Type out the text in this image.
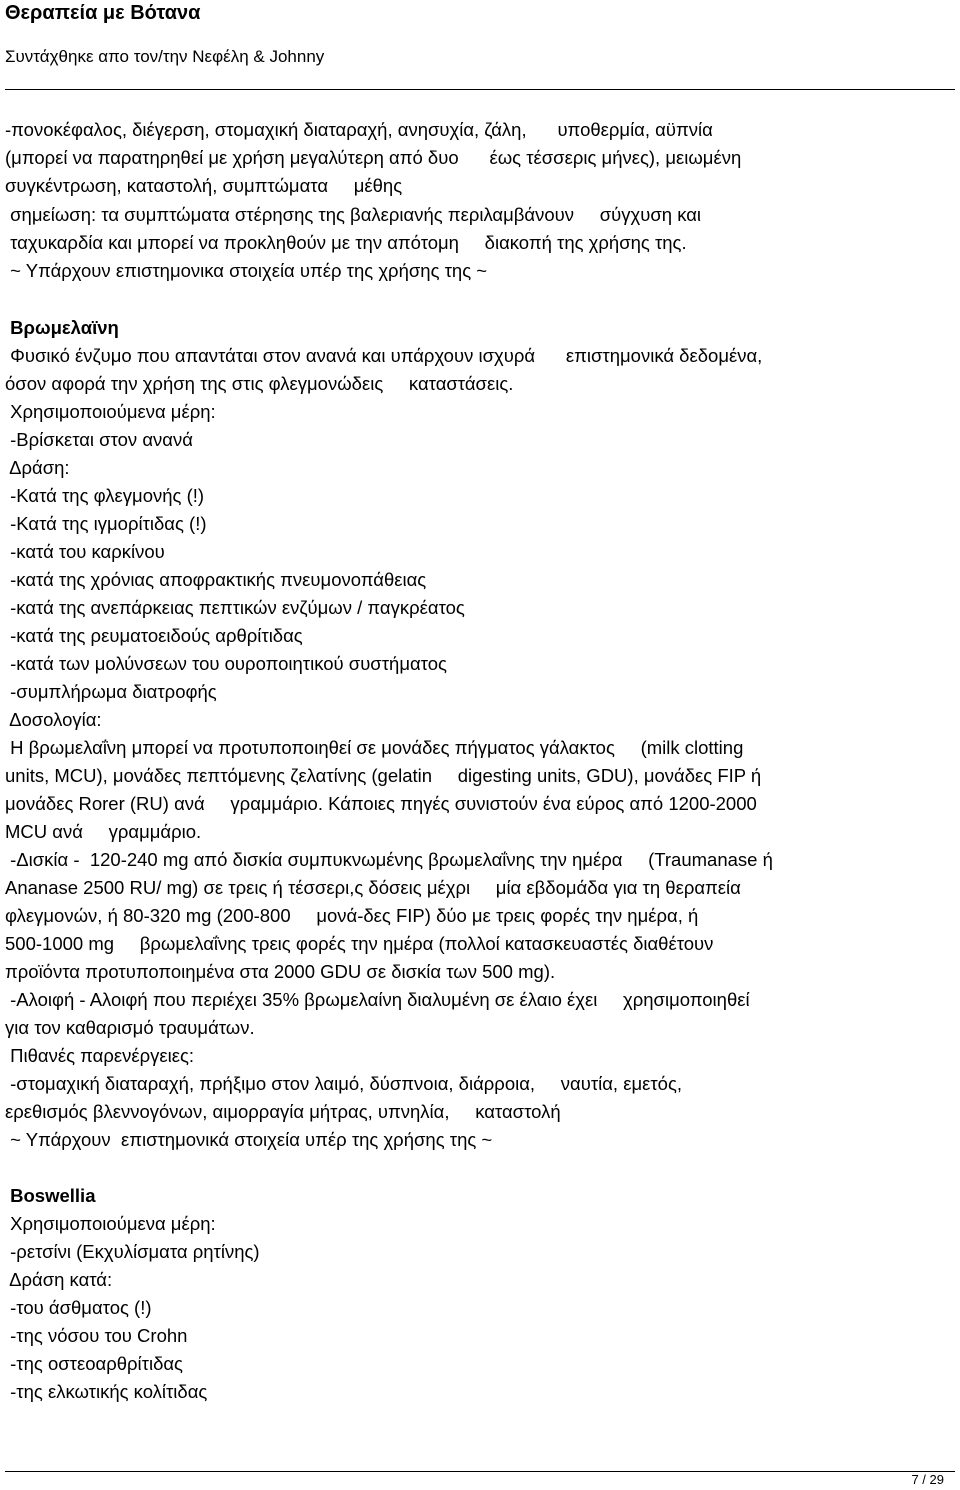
Θεραπεία με Βότανα
Συντάχθηκε απο τον/την Νεφέλη & Johnny
-πονοκέφαλος, διέγερση, στομαχική διαταραχή, ανησυχία, ζάλη,      υποθερμία, αϋπνία
(μπορεί να παρατηρηθεί με χρήση μεγαλύτερη από δυο      έως τέσσερις μήνες), μειωμένη
συγκέντρωση, καταστολή, συμπτώματα     μέθης
σημείωση: τα συμπτώματα στέρησης της βαλεριανής περιλαμβάνουν     σύγχυση και
ταχυκαρδία και μπορεί να προκληθούν με την απότομη     διακοπή της χρήσης της.
~ Υπάρχουν επιστημονικα στοιχεία υπέρ της χρήσης της ~
Βρωμελαϊνη
Φυσικό ένζυμο που απαντάται στον ανανά και υπάρχουν ισχυρά      επιστημονικά δεδομένα,
όσον αφορά την χρήση της στις φλεγμονώδεις     καταστάσεις.
Χρησιμοποιούμενα μέρη:
-Βρίσκεται στον ανανά
Δράση:
-Κατά της φλεγμονής (!)
-Κατά της ιγμορίτιδας (!)
-κατά του καρκίνου
-κατά της χρόνιας αποφρακτικής πνευμονοπάθειας
-κατά της ανεπάρκειας πεπτικών ενζύμων / παγκρέατος
-κατά της ρευματοειδούς αρθρίτιδας
-κατά των μολύνσεων του ουροποιητικού συστήματος
-συμπλήρωμα διατροφής
Δοσολογία:
Η βρωμελαΐνη μπορεί να προτυποποιηθεί σε μονάδες πήγματος γάλακτος     (milk clotting
units, MCU), μονάδες πεπτόμενης ζελατίνης (gelatin     digesting units, GDU), μονάδες FIP ή
μονάδες Rorer (RU) ανά     γραμμάριο. Κάποιες πηγές συνιστούν ένα εύρος από 1200-2000
MCU ανά     γραμμάριο.
-Δισκία -  120-240 mg από δισκία συμπυκνωμένης βρωμελαΐνης την ημέρα     (Traumanase ή
Ananase 2500 RU/ mg) σε τρεις ή τέσσερι,ς δόσεις μέχρι     μία εβδομάδα για τη θεραπεία
φλεγμονών, ή 80-320 mg (200-800     μονά-δες FIP) δύο με τρεις φορές την ημέρα, ή
500-1000 mg     βρωμελαΐνης τρεις φορές την ημέρα (πολλοί κατασκευαστές διαθέτουν
προϊόντα προτυποποιημένα στα 2000 GDU σε δισκία των 500 mg).
-Αλοιφή - Αλοιφή που περιέχει 35% βρωμελαίνη διαλυμένη σε έλαιο έχει     χρησιμοποιηθεί
για τον καθαρισμό τραυμάτων.
Πιθανές παρενέργειες:
-στομαχική διαταραχή, πρήξιμο στον λαιμό, δύσπνοια, διάρροια,     ναυτία, εμετός,
ερεθισμός βλεννογόνων, αιμορραγία μήτρας, υπνηλία,     καταστολή
~ Υπάρχουν  επιστημονικά στοιχεία υπέρ της χρήσης της ~
Boswellia
Χρησιμοποιούμενα μέρη:
-ρετσίνι (Εκχυλίσματα ρητίνης)
Δράση κατά:
-του άσθματος (!)
-της νόσου του Crohn
-της οστεοαρθρίτιδας
-της ελκωτικής κολίτιδας
7 / 29
